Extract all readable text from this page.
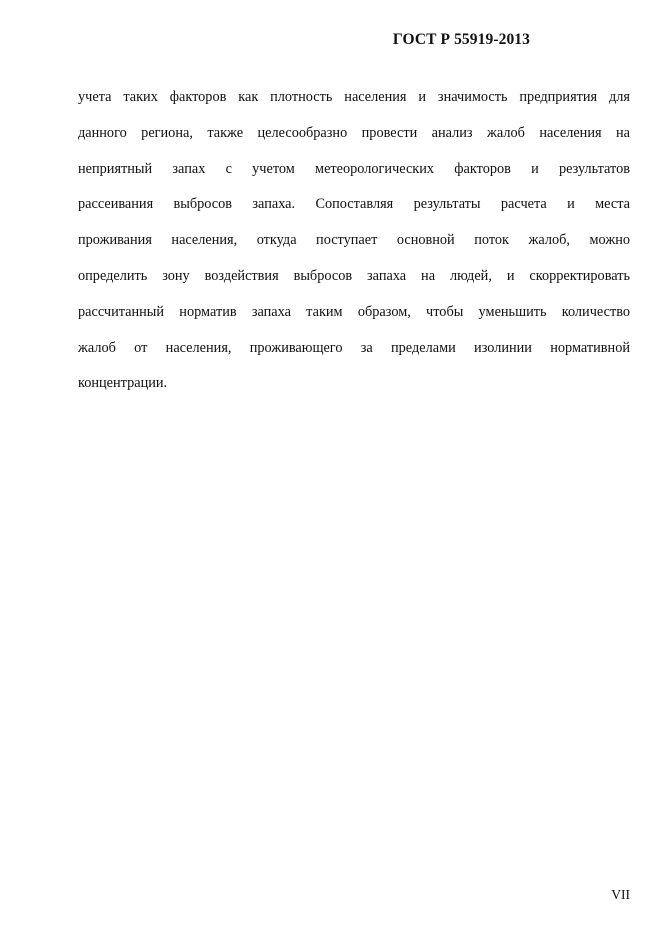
ГОСТ Р 55919-2013

учета таких факторов как плотность населения и значимость предприятия для
данного региона, также целесообразно провести анализ жалоб населения на
неприятный запах с учетом метеорологических факторов и результатов
рассеивания выбросов запаха. Сопоставляя результаты расчета и места
проживания населения, откуда поступает основной поток жалоб, можно
определить зону воздействия выбросов запаха на людей, и скорректировать
рассчитанный норматив запаха таким образом, чтобы уменьшить количество
жалоб от населения, проживающего за пределами изолинии нормативной
концентрации.

VII
